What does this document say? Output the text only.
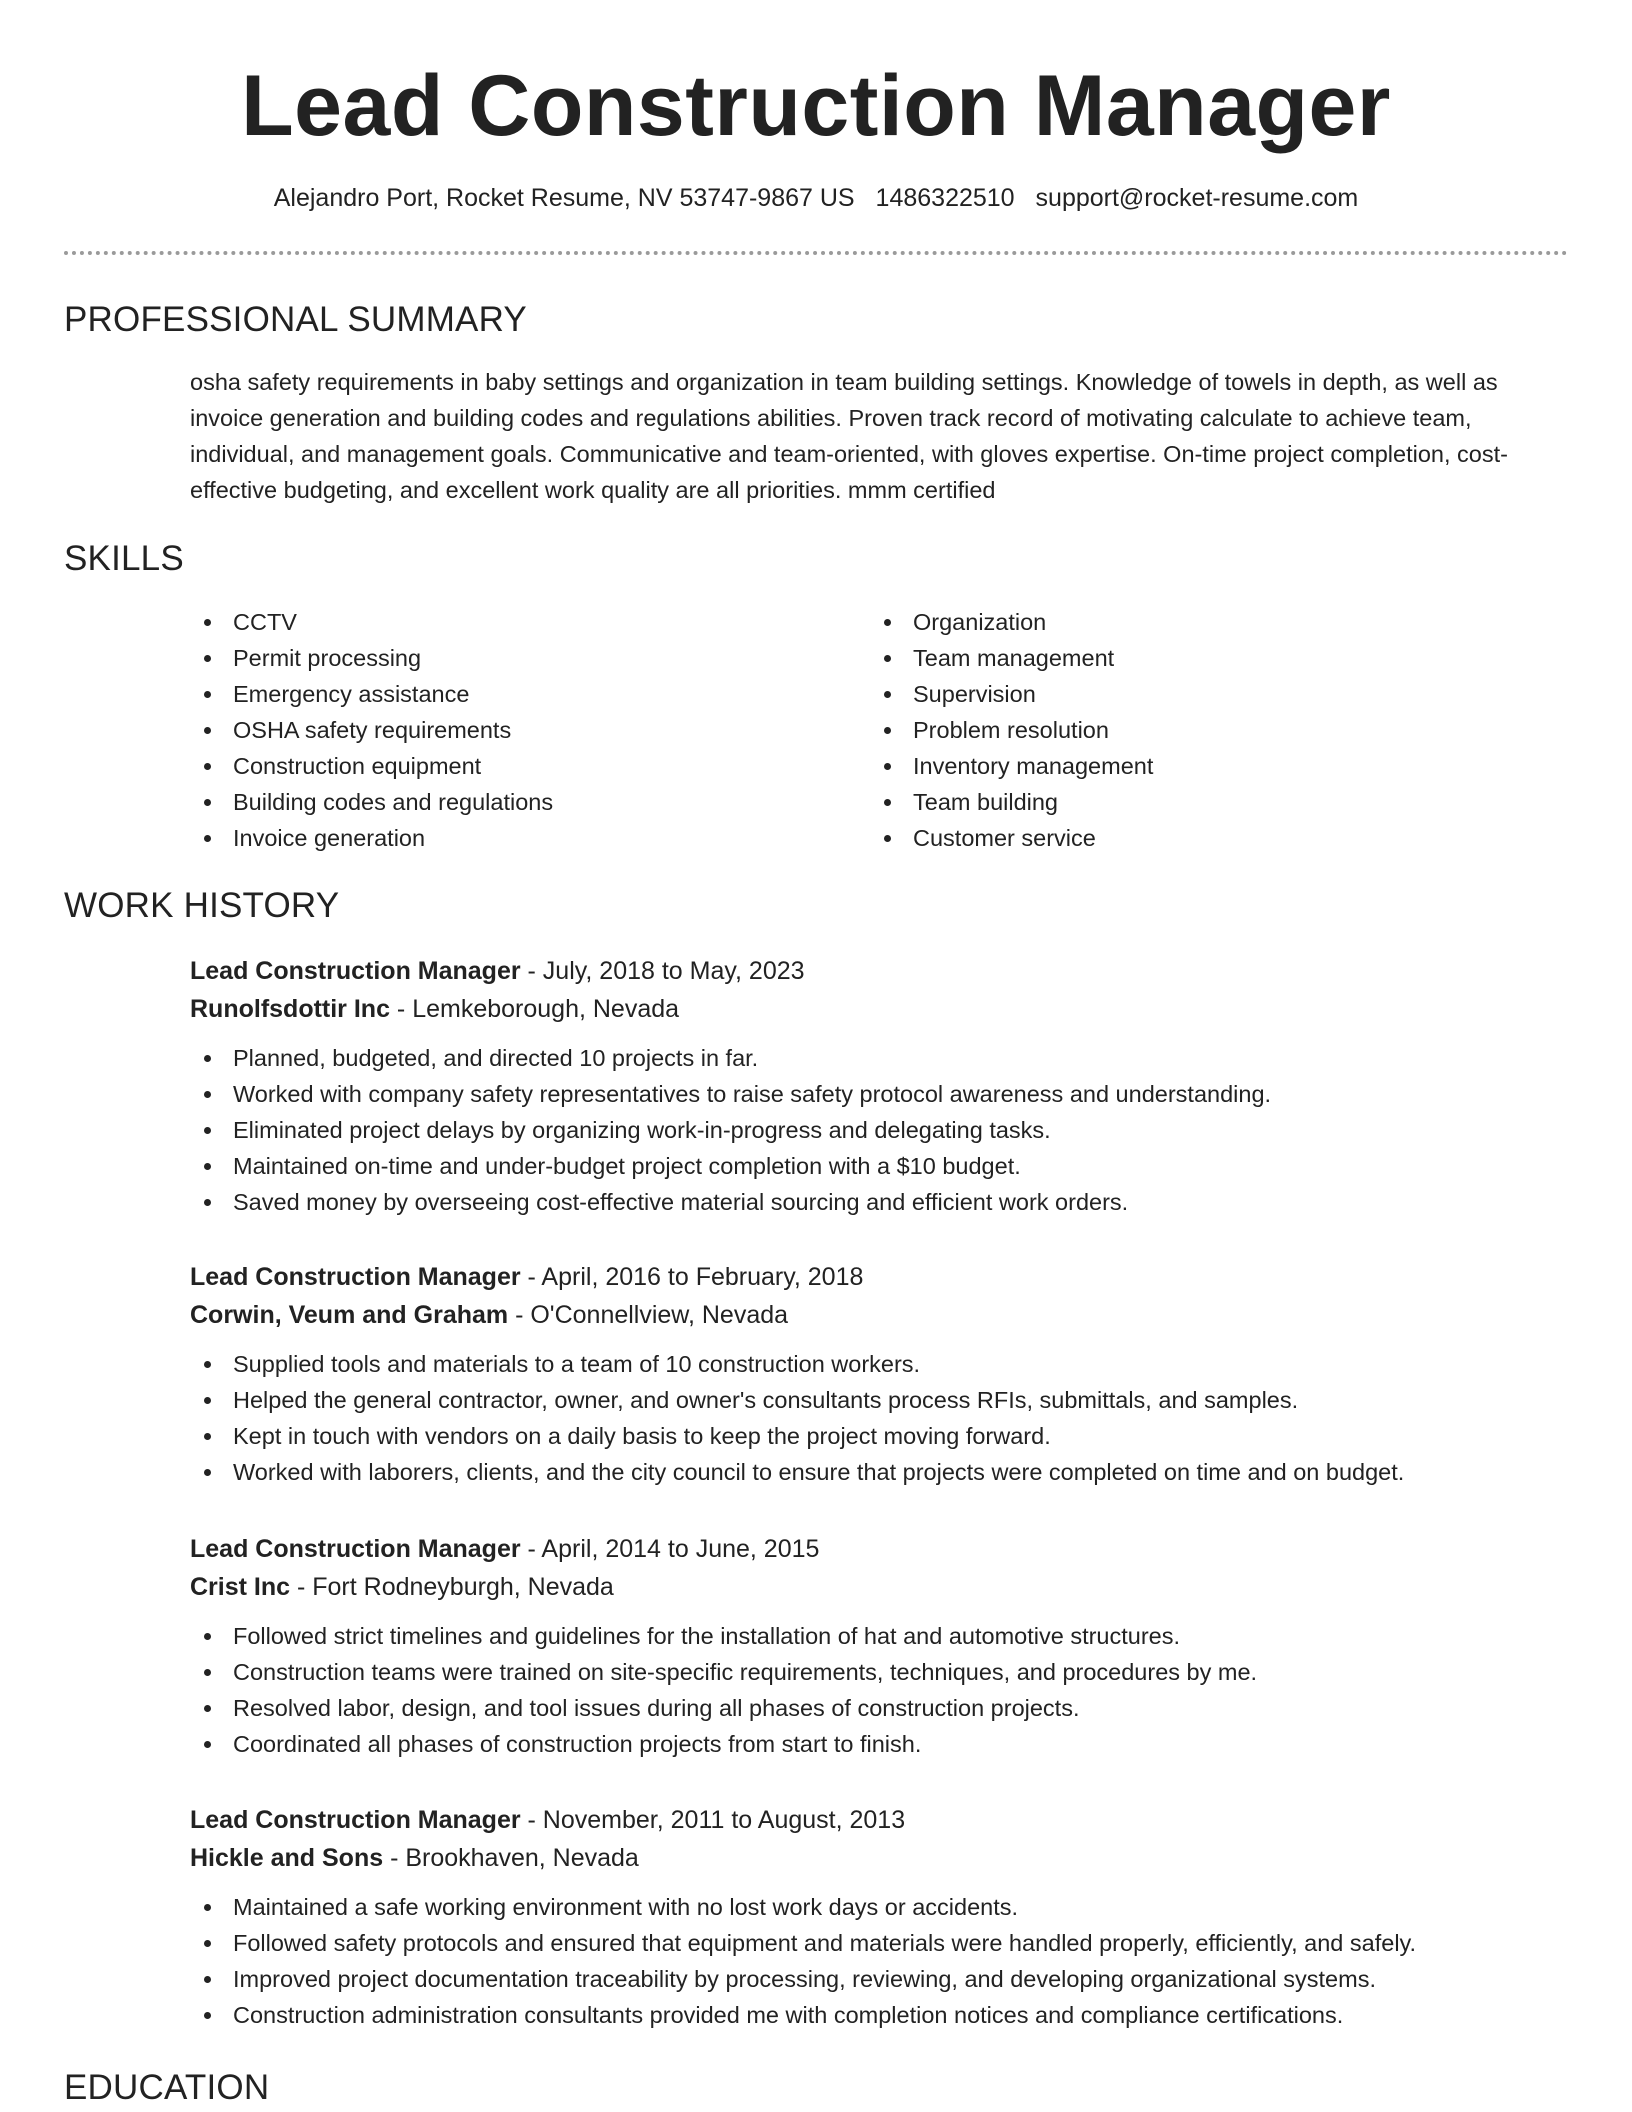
Lead Construction Manager
Alejandro Port, Rocket Resume, NV 53747-9867 US 1486322510 support@rocket-resume.com
PROFESSIONAL SUMMARY

osha safety requirements in baby settings and organization in team building settings. Knowledge of towels in depth, as well as invoice generation and building codes and regulations abilities. Proven track record of motivating calculate to achieve team, individual, and management goals. Communicative and team-oriented, with gloves expertise. On-time project completion, cost-effective budgeting, and excellent work quality are all priorities. mmm certified

SKILLS
CCTV
Permit processing
Emergency assistance
OSHA safety requirements
Construction equipment
Building codes and regulations
Invoice generation
Organization
Team management
Supervision
Problem resolution
Inventory management
Team building
Customer service
WORK HISTORY
Lead Construction Manager - July, 2018 to May, 2023
Runolfsdottir Inc - Lemkeborough, Nevada
Planned, budgeted, and directed 10 projects in far.
Worked with company safety representatives to raise safety protocol awareness and understanding.
Eliminated project delays by organizing work-in-progress and delegating tasks.
Maintained on-time and under-budget project completion with a $10 budget.
Saved money by overseeing cost-effective material sourcing and efficient work orders.
Lead Construction Manager - April, 2016 to February, 2018
Corwin, Veum and Graham - O'Connellview, Nevada
Supplied tools and materials to a team of 10 construction workers.
Helped the general contractor, owner, and owner's consultants process RFIs, submittals, and samples.
Kept in touch with vendors on a daily basis to keep the project moving forward.
Worked with laborers, clients, and the city council to ensure that projects were completed on time and on budget.
Lead Construction Manager - April, 2014 to June, 2015
Crist Inc - Fort Rodneyburgh, Nevada
Followed strict timelines and guidelines for the installation of hat and automotive structures.
Construction teams were trained on site-specific requirements, techniques, and procedures by me.
Resolved labor, design, and tool issues during all phases of construction projects.
Coordinated all phases of construction projects from start to finish.
Lead Construction Manager - November, 2011 to August, 2013
Hickle and Sons - Brookhaven, Nevada
Maintained a safe working environment with no lost work days or accidents.
Followed safety protocols and ensured that equipment and materials were handled properly, efficiently, and safely.
Improved project documentation traceability by processing, reviewing, and developing organizational systems.
Construction administration consultants provided me with completion notices and compliance certifications.
EDUCATION
